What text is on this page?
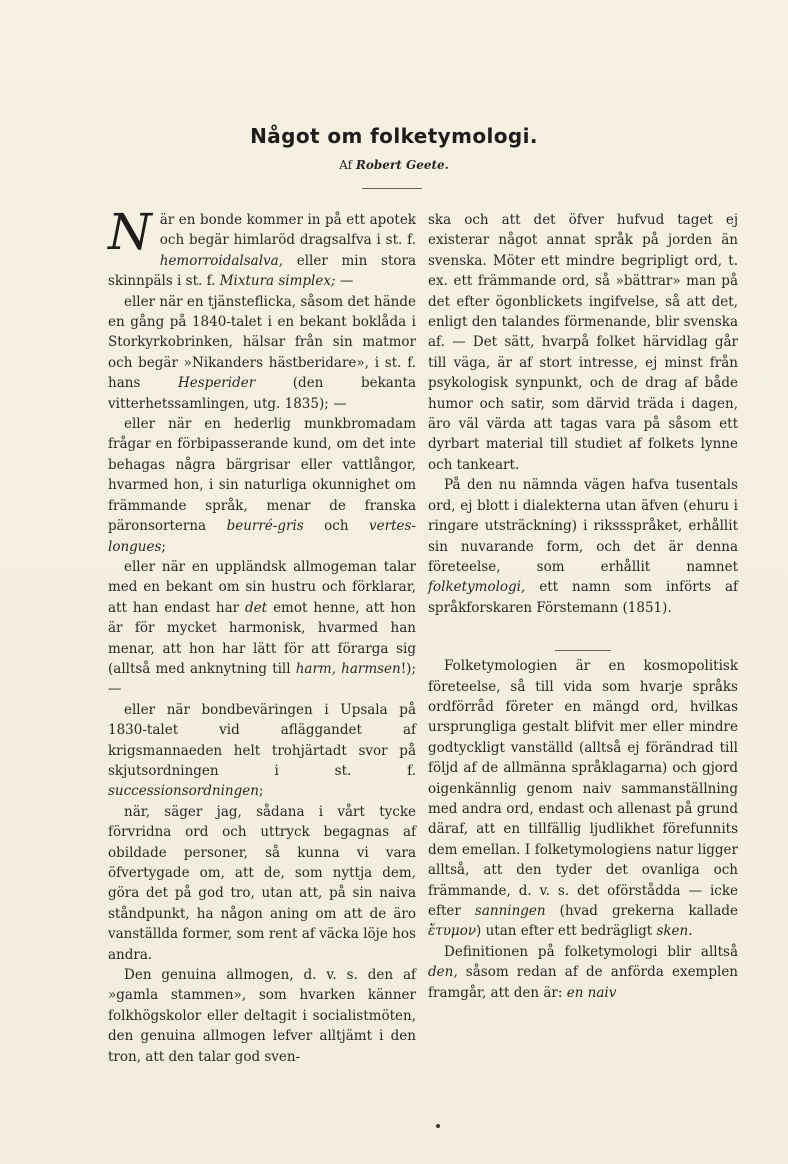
Något om folketymologi.
Af Robert Geete.

N är en bonde kommer in på ett apotek och begär himlaröd dragsalfva i st. f. hemorroidalsalva, eller min stora skinnpäls i st. f. Mixtura simplex; —

eller när en tjänsteflicka, såsom det hände en gång på 1840-talet i en bekant boklåda i Storkyrkobrinken, hälsar från sin matmor och begär »Nikanders hästberidare», i st. f. hans	Hesperider	(den bekanta vitterhetssamlingen, utg. 1835); —

eller när en hederlig munkbromadam frågar en förbipasserande kund, om det inte behagas några bärgrisar eller vattlångor, hvarmed hon, i sin naturliga okunnighet om främmande språk, menar de franska päronsorterna beurré-gris och vertes-longues;

eller när en uppländsk allmogeman talar med en bekant om sin hustru och förklarar, att han endast har det emot henne, att hon är för mycket harmonisk, hvarmed han menar, att hon har lätt för att förarga sig (alltså med anknytning till harm, harmsen!); —

eller när bondbeväringen i Upsala på 1830-talet vid afläggandet af krigsmannaeden helt trohjärtadt svor på skjutsordningen i st. f. successionsordningen;

när, säger jag, sådana i vårt tycke förvridna ord och uttryck begagnas af obildade personer, så kunna vi vara öfvertygade om, att de, som nyttja dem, göra det på god tro, utan att, på sin naiva ståndpunkt, ha någon aning om att de äro vanställda former, som rent af väcka löje hos andra.

Den genuina allmogen, d. v. s. den af »gamla stammen», som hvarken känner folkhögskolor eller deltagit i socialistmöten, den genuina allmogen lefver alltjämt i den tron, att den talar god sven-

ska och att det öfver hufvud taget ej existerar något annat språk på jorden än svenska. Möter ett mindre begripligt ord, t. ex. ett främmande ord, så »bättrar» man på det efter ögonblickets ingifvelse, så att det, enligt den talandes förmenande, blir svenska af. — Det sätt, hvarpå folket härvidlag går till väga, är af stort intresse, ej minst från psykologisk synpunkt, och de drag af både humor och satir, som därvid träda i dagen, äro väl värda att tagas vara på såsom ett dyrbart material till studiet af folkets lynne och tankeart.

På den nu nämnda vägen hafva tusentals ord, ej blott i dialekterna utan äfven (ehuru i ringare utsträckning) i rikssspråket, erhållit sin nuvarande form, och det är denna företeelse, som erhållit namnet folketymologi, ett namn som införts af språkforskaren Förstemann (1851).

Folketymologien är en kosmopolitisk företeelse, så till vida som hvarje språks ordförråd företer en mängd ord, hvilkas ursprungliga gestalt blifvit mer eller mindre godtyckligt vanställd (alltså ej förändrad till följd af de allmänna språklagarna) och gjord oigenkännlig genom naiv sammanställning med andra ord, endast och allenast på grund däraf, att en tillfällig ljudlikhet förefunnits dem emellan. I folketymologiens natur ligger alltså, att den tyder det ovanliga och främmande, d. v. s. det oförstådda — icke efter sanningen (hvad grekerna kallade ἔτυμον) utan efter ett bedrägligt sken.

Definitionen på folketymologi blir alltså den, såsom redan af de anförda exemplen framgår, att den är: en naiv
